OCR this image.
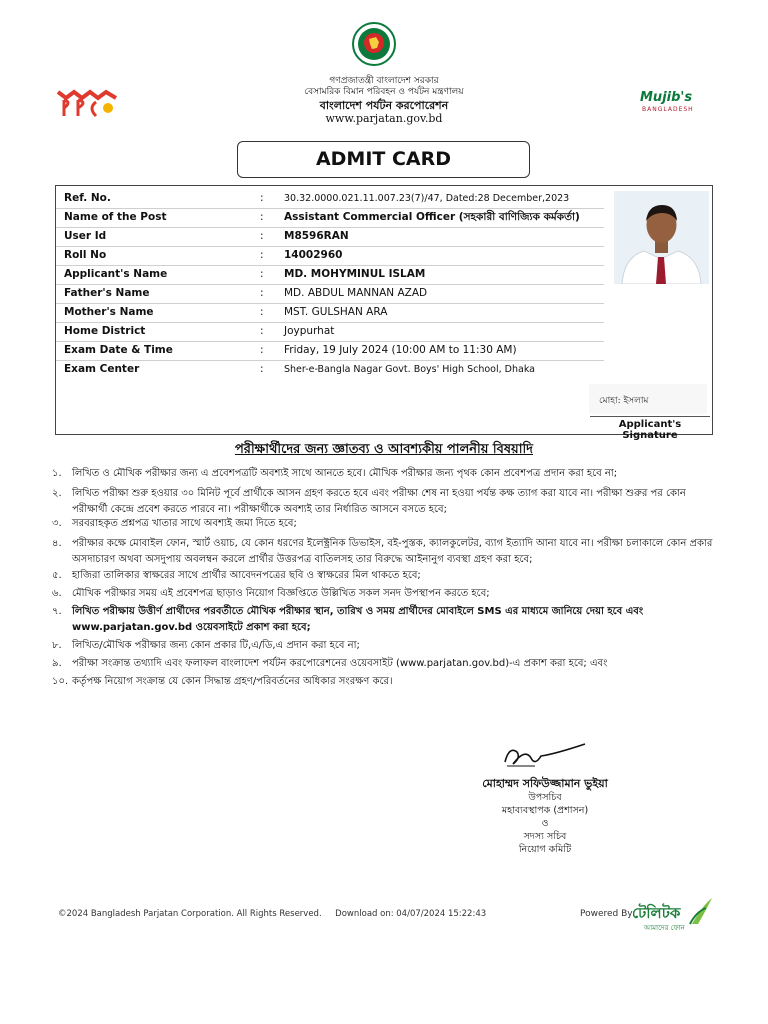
Mujib's
BANGLADESH
গণপ্রজাতন্ত্রী বাংলাদেশ সরকার
বেসামরিক বিমান পরিবহন ও পর্যটন মন্ত্রণালয়
বাংলাদেশ পর্যটন করপোরেশন
www.parjatan.gov.bd
ADMIT CARD
Ref. No.	:	30.32.0000.021.11.007.23(7)/47, Dated:28 December,2023
Name of the Post	:	Assistant Commercial Officer (সহকারী বাণিজ্যিক কর্মকর্তা)
User Id	:	M8596RAN
Roll No	:	14002960
Applicant's Name	:	MD. MOHYMINUL ISLAM
Father's Name	:	MD. ABDUL MANNAN AZAD
Mother's Name	:	MST. GULSHAN ARA
Home District	:	Joypurhat
Exam Date & Time	:	Friday, 19 July 2024 (10:00 AM to 11:30 AM)
Exam Center	:	Sher-e-Bangla Nagar Govt. Boys' High School, Dhaka
মোহা: ইসলাম
Applicant's Signature
পরীক্ষার্থীদের জন্য জ্ঞাতব্য ও আবশ্যকীয় পালনীয় বিষয়াদি
১.	লিখিত ও মৌখিক পরীক্ষার জন্য এ প্রবেশপত্রটি অবশ্যই সাথে আনতে হবে। মৌখিক পরীক্ষার জন্য পৃথক কোন প্রবেশপত্র প্রদান করা হবে না;
২.	লিখিত পরীক্ষা শুরু হওয়ার ৩০ মিনিট পূর্বে প্রার্থীকে আসন গ্রহণ করতে হবে এবং পরীক্ষা শেষ না হওয়া পর্যন্ত কক্ষ ত্যাগ করা যাবে না। পরীক্ষা শুরুর পর কোন পরীক্ষার্থী কেন্দ্রে প্রবেশ করতে পারবে না। পরীক্ষার্থীকে অবশ্যই তার নির্ধারিত আসনে বসতে হবে;
৩.	সরবরাহকৃত প্রশ্নপত্র খাতার সাথে অবশ্যই জমা দিতে হবে;
৪.	পরীক্ষার কক্ষে মোবাইল ফোন, স্মার্ট ওয়াচ, যে কোন ধরণের ইলেক্ট্রনিক ডিভাইস, বই-পুস্তক, ক্যালকুলেটর, ব্যাগ ইত্যাদি আনা যাবে না। পরীক্ষা চলাকালে কোন প্রকার অসদাচারণ অথবা অসদুপায় অবলম্বন করলে প্রার্থীর উত্তরপত্র বাতিলসহ তার বিরুদ্ধে আইনানুগ ব্যবস্থা গ্রহণ করা হবে;
৫.	হাজিরা তালিকার স্বাক্ষরের সাথে প্রার্থীর আবেদনপত্রের ছবি ও স্বাক্ষরের মিল থাকতে হবে;
৬.	মৌখিক পরীক্ষার সময় এই প্রবেশপত্র ছাড়াও নিয়োগ বিজ্ঞপ্তিতে উল্লিখিত সকল সনদ উপস্থাপন করতে হবে;
৭.	লিখিত পরীক্ষায় উত্তীর্ণ প্রার্থীদের পরবর্তীতে মৌখিক পরীক্ষার স্থান, তারিখ ও সময় প্রার্থীদের মোবাইলে SMS এর মাধ্যমে জানিয়ে দেয়া হবে এবং www.parjatan.gov.bd ওয়েবসাইটে প্রকাশ করা হবে;
৮.	লিখিত/মৌখিক পরীক্ষার জন্য কোন প্রকার টি,এ/ডি,এ প্রদান করা হবে না;
৯.	পরীক্ষা সংক্রান্ত তথ্যাদি এবং ফলাফল বাংলাদেশ পর্যটন করপোরেশনের ওয়েবসাইট (www.parjatan.gov.bd)-এ প্রকাশ করা হবে; এবং
১০. কর্তৃপক্ষ নিয়োগ সংক্রান্ত যে কোন সিদ্ধান্ত গ্রহণ/পরিবর্তনের অধিকার সংরক্ষণ করে।
মোহাম্মদ সফিউজ্জামান ভুইয়া
উপসচিব
মহাব্যবস্থাপক (প্রশাসন)
ও
সদস্য সচিব
নিয়োগ কমিটি
©2024 Bangladesh Parjatan Corporation. All Rights Reserved. Download on: 04/07/2024 15:22:43	Powered By:
টেলিটক
আমাদের ফোন
